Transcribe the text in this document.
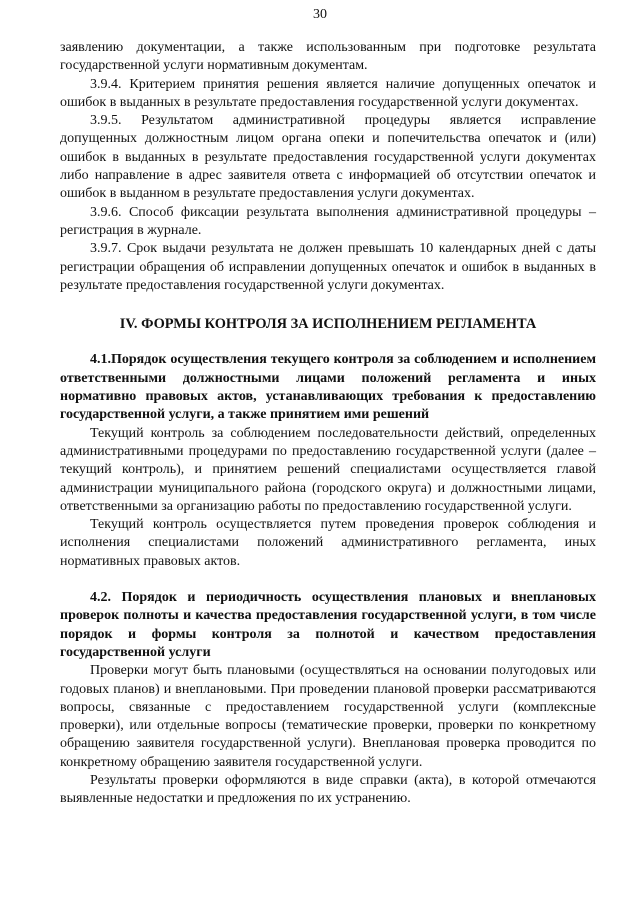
30

заявлению документации, а также использованным при подготовке результата государственной услуги нормативным документам.

3.9.4. Критерием принятия решения является наличие допущенных опечаток и ошибок в выданных в результате предоставления государственной услуги документах.

3.9.5. Результатом административной процедуры является исправление допущенных должностным лицом органа опеки и попечительства опечаток и (или) ошибок в выданных в результате предоставления государственной услуги документах либо направление в адрес заявителя ответа с информацией об отсутствии опечаток и ошибок в выданном в результате предоставления услуги документах.

3.9.6. Способ фиксации результата выполнения административной процедуры – регистрация в журнале.

3.9.7. Срок выдачи результата не должен превышать 10 календарных дней с даты регистрации обращения об исправлении допущенных опечаток и ошибок в выданных в результате предоставления государственной услуги документах.

IV. ФОРМЫ КОНТРОЛЯ ЗА ИСПОЛНЕНИЕМ РЕГЛАМЕНТА

4.1.Порядок осуществления текущего контроля за соблюдением и исполнением ответственными должностными лицами положений регламента и иных нормативно правовых актов, устанавливающих требования к предоставлению государственной услуги, а также принятием ими решений

Текущий контроль за соблюдением последовательности действий, определенных административными процедурами по предоставлению государственной услуги (далее – текущий контроль), и принятием решений специалистами осуществляется главой администрации муниципального района (городского округа) и должностными лицами, ответственными за организацию работы по предоставлению государственной услуги.

Текущий контроль осуществляется путем проведения проверок соблюдения и исполнения специалистами положений административного регламента, иных нормативных правовых актов.

4.2. Порядок и периодичность осуществления плановых и внеплановых проверок полноты и качества предоставления государственной услуги, в том числе порядок и формы контроля за полнотой и качеством предоставления государственной услуги

Проверки могут быть плановыми (осуществляться на основании полугодовых или годовых планов) и внеплановыми. При проведении плановой проверки рассматриваются вопросы, связанные с предоставлением государственной услуги (комплексные проверки), или отдельные вопросы (тематические проверки, проверки по конкретному обращению заявителя государственной услуги). Внеплановая проверка проводится по конкретному обращению заявителя государственной услуги.

Результаты проверки оформляются в виде справки (акта), в которой отмечаются выявленные недостатки и предложения по их устранению.
